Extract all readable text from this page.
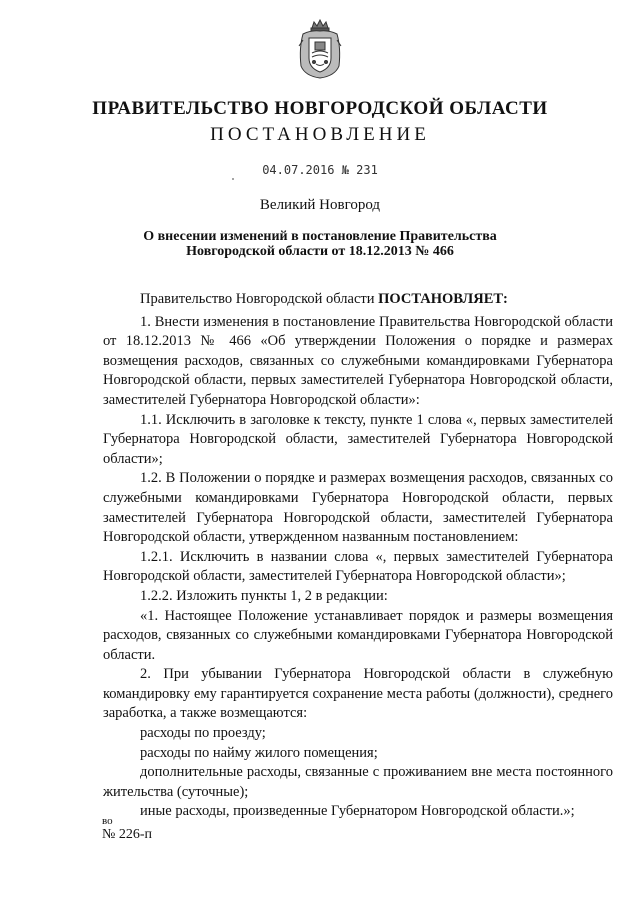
ПРАВИТЕЛЬСТВО НОВГОРОДСКОЙ ОБЛАСТИ
ПОСТАНОВЛЕНИЕ
04.07.2016 № 231
Великий Новгород
О внесении изменений в постановление Правительства
Новгородской области от 18.12.2013 № 466

Правительство Новгородской области ПОСТАНОВЛЯЕТ:

1. Внести изменения в постановление Правительства Новгородской области от 18.12.2013 № 466 «Об утверждении Положения о порядке и размерах возмещения расходов, связанных со служебными командировками Губернатора Новгородской области, первых заместителей Губернатора Новгородской области, заместителей Губернатора Новгородской области»:

1.1. Исключить в заголовке к тексту, пункте 1 слова «, первых заместителей Губернатора Новгородской области, заместителей Губернатора Новгородской области»;

1.2. В Положении о порядке и размерах возмещения расходов, связанных со служебными командировками Губернатора Новгородской области, первых заместителей Губернатора Новгородской области, заместителей Губернатора Новгородской области, утвержденном названным постановлением:

1.2.1. Исключить в названии слова «, первых заместителей Губернатора Новгородской области, заместителей Губернатора Новгородской области»;

1.2.2. Изложить пункты 1, 2 в редакции:

«1. Настоящее Положение устанавливает порядок и размеры возмещения расходов, связанных со служебными командировками Губернатора Новгородской области.

2. При убывании Губернатора Новгородской области в служебную командировку ему гарантируется сохранение места работы (должности), среднего заработка, а также возмещаются:

расходы по проезду;

расходы по найму жилого помещения;

дополнительные расходы, связанные с проживанием вне места постоянного жительства (суточные);

иные расходы, произведенные Губернатором Новгородской области.»;

во
№ 226-п
